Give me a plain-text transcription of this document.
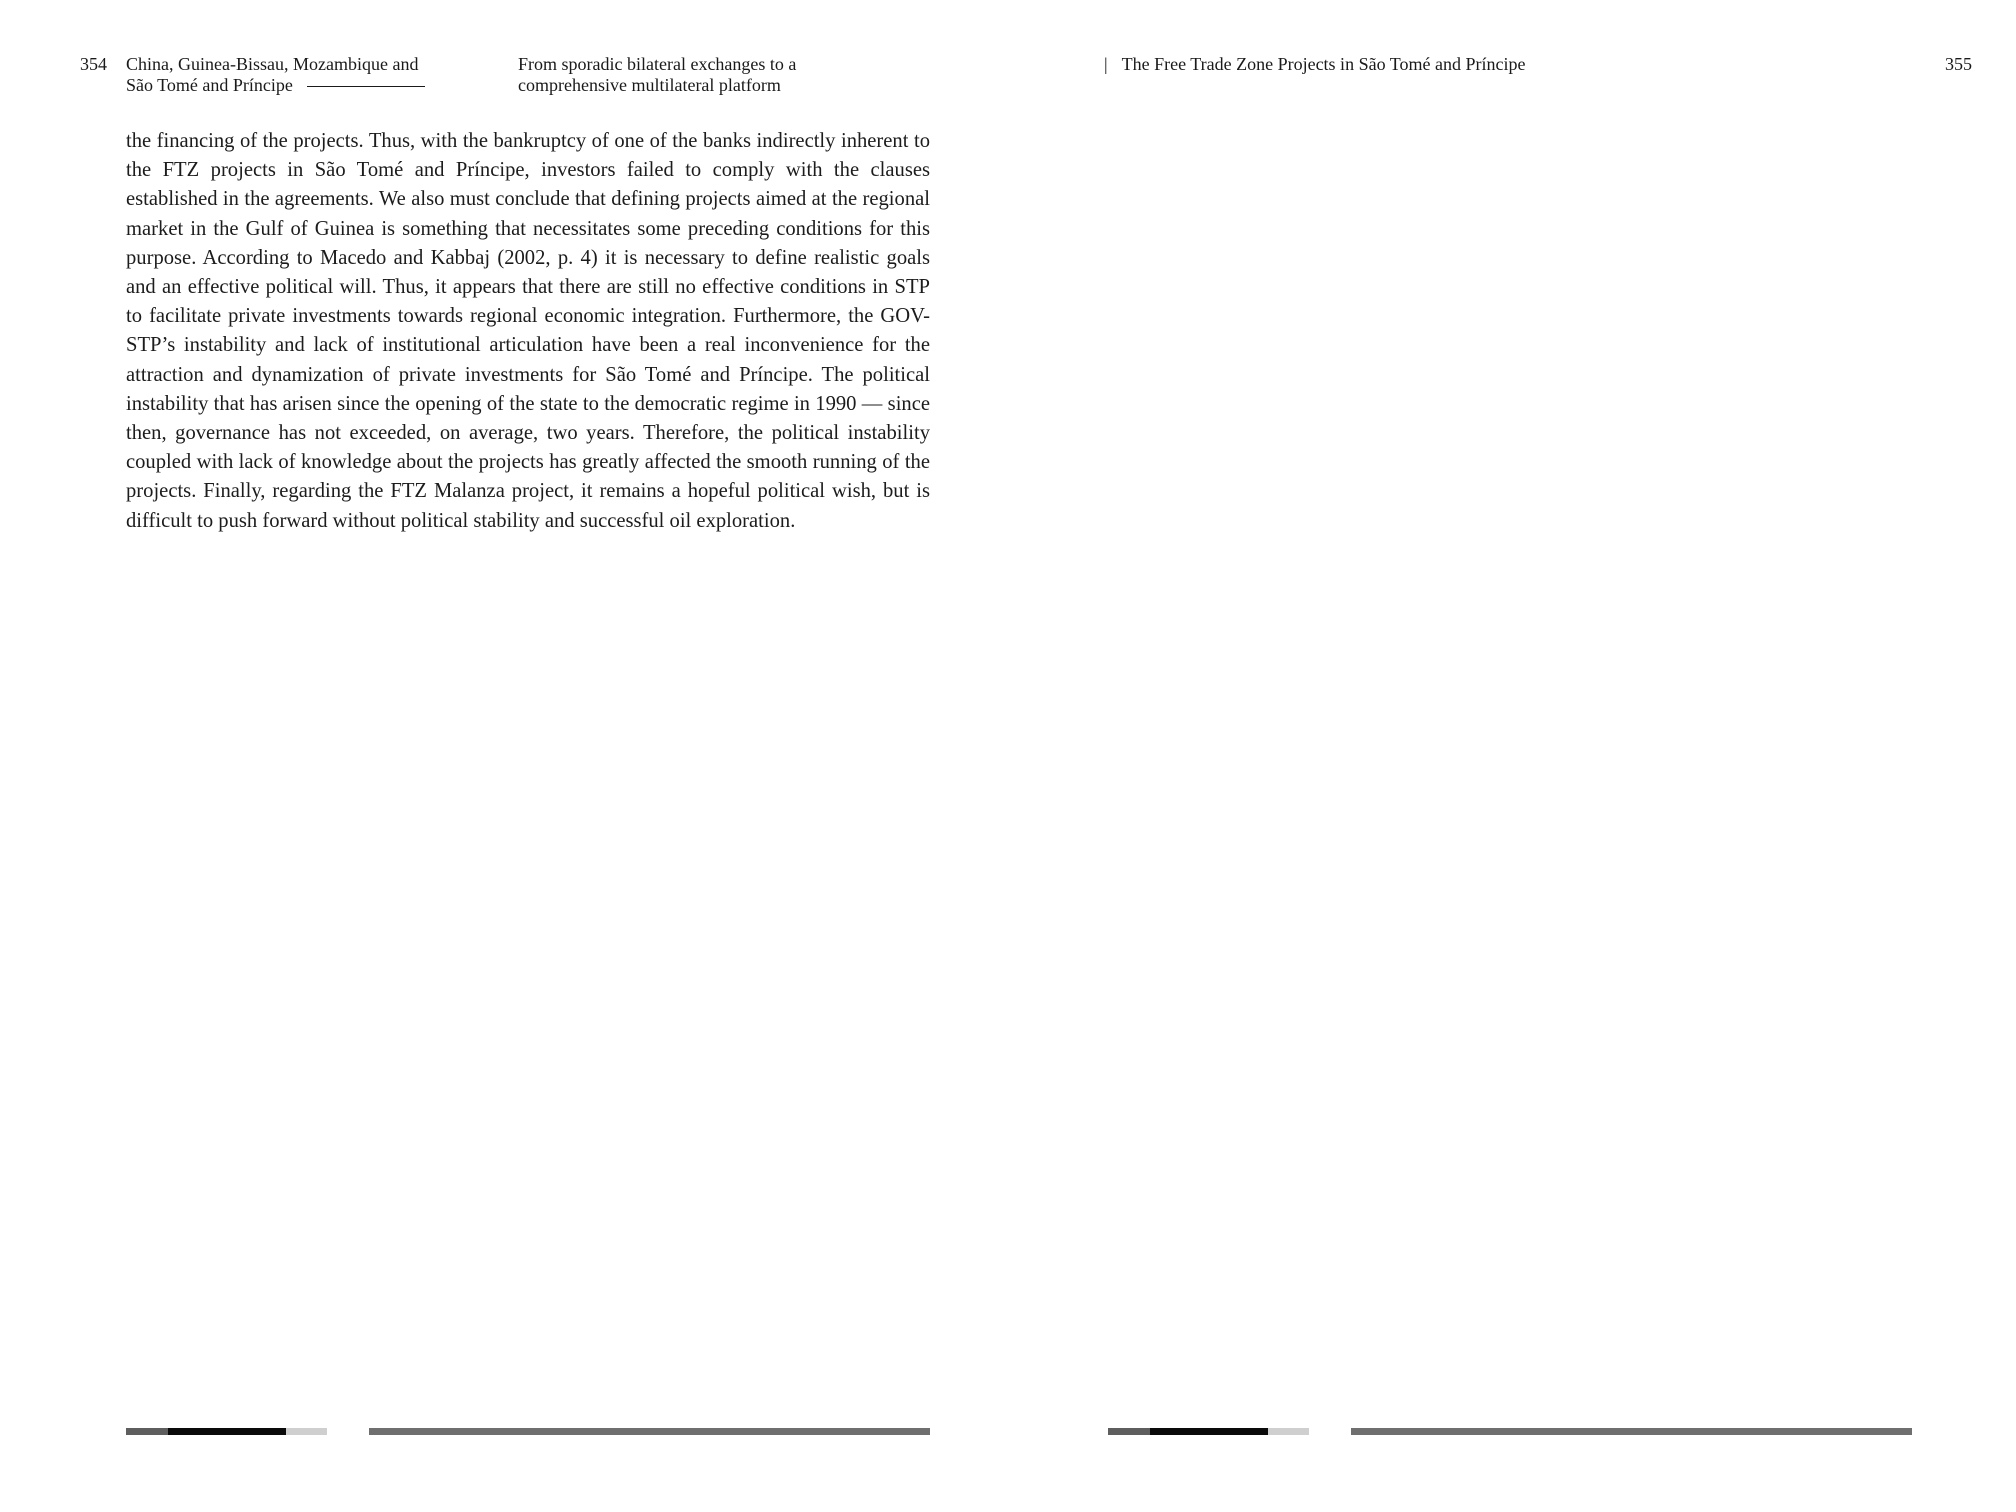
354 China, Guinea-Bissau, Mozambique and
São Tomé and Príncipe
From sporadic bilateral exchanges to a
comprehensive multilateral platform

the financing of the projects. Thus, with the bankruptcy of one of the banks indirectly inherent to the FTZ projects in São Tomé and Príncipe, investors failed to comply with the clauses established in the agreements. We also must conclude that defining projects aimed at the regional market in the Gulf of Guinea is something that necessitates some preceding conditions for this purpose. According to Macedo and Kabbaj (2002, p. 4) it is necessary to define realistic goals and an effective political will. Thus, it appears that there are still no effective conditions in STP to facilitate private investments towards regional economic integration. Furthermore, the GOV-STP’s instability and lack of institutional articulation have been a real inconvenience for the attraction and dynamization of private investments for São Tomé and Príncipe. The political instability that has arisen since the opening of the state to the democratic regime in 1990 — since then, governance has not exceeded, on average, two years. Therefore, the political instability coupled with lack of knowledge about the projects has greatly affected the smooth running of the projects. Finally, regarding the FTZ Malanza project, it remains a hopeful political wish, but is difficult to push forward without political stability and successful oil exploration.

| The Free Trade Zone Projects in São Tomé and Príncipe	355
